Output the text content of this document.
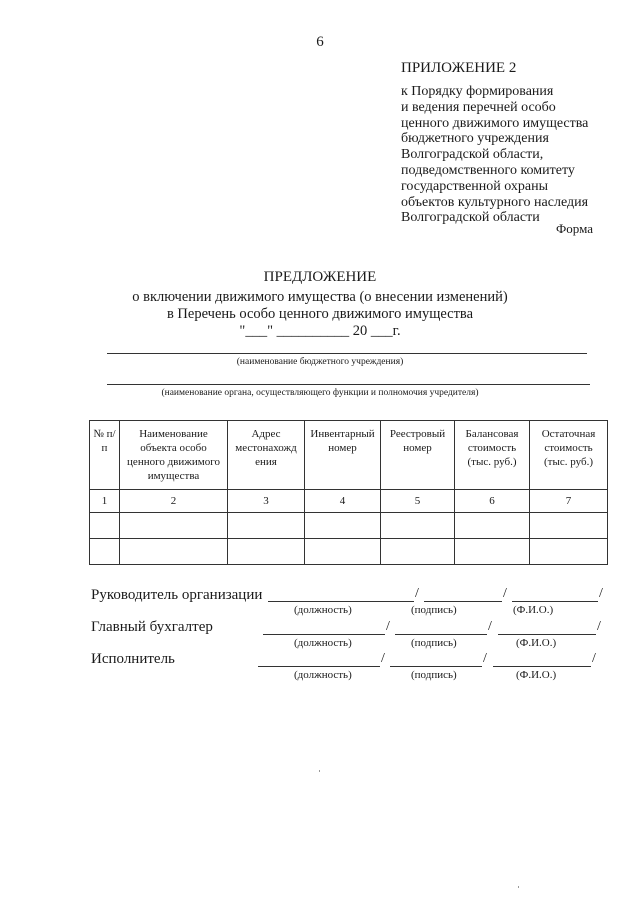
6
ПРИЛОЖЕНИЕ 2
к Порядку формирования
и ведения перечней особо
ценного движимого имущества
бюджетного учреждения
Волгоградской области,
подведомственного комитету
государственной охраны
объектов культурного наследия
Волгоградской области
Форма
ПРЕДЛОЖЕНИЕ
о включении движимого имущества (о внесении изменений)
в Перечень особо ценного движимого имущества
"___" __________ 20 ___г.
(наименование бюджетного учреждения)
(наименование органа, осуществляющего функции и полномочия учредителя)
№ п/п	Наименование объекта особо ценного движимого имущества	Адрес местонахожд ения	Инвентарный номер	Реестровый номер	Балансовая стоимость (тыс. руб.)	Остаточная стоимость (тыс. руб.)
1	2	3	4	5	6	7

Руководитель организации	/	/	/
(должность)	(подпись)	(Ф.И.О.)
Главный бухгалтер	/	/	/
(должность)	(подпись)	(Ф.И.О.)
Исполнитель	/	/	/
(должность)	(подпись)	(Ф.И.О.)
